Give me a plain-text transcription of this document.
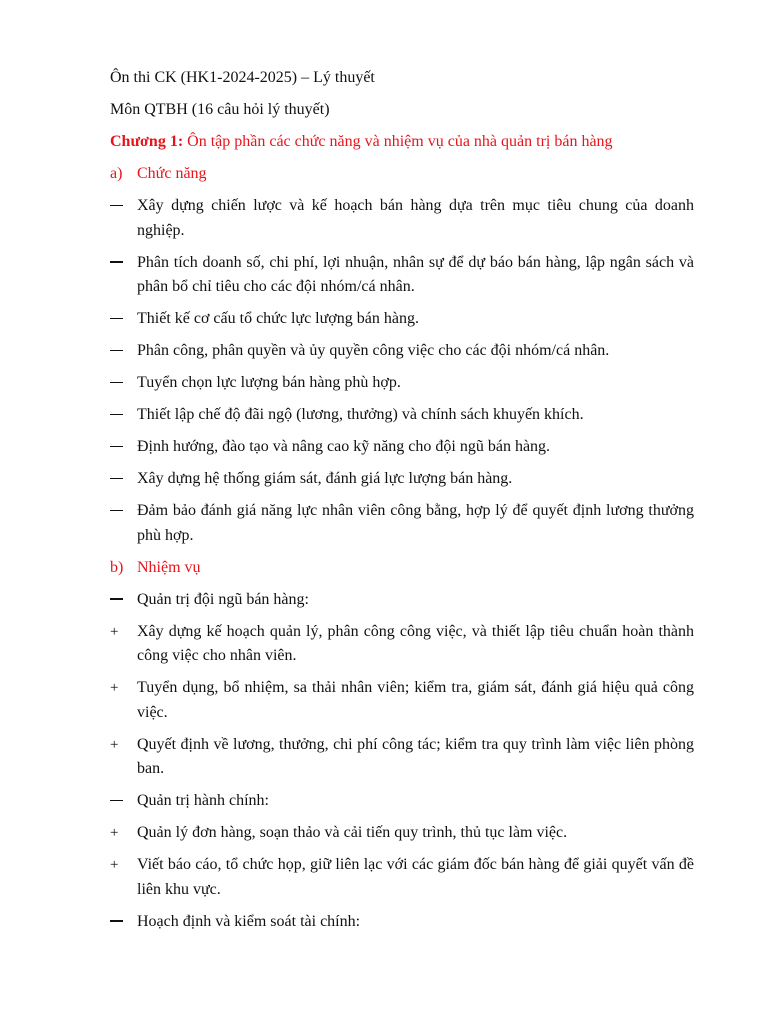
Ôn thi CK (HK1-2024-2025) – Lý thuyết
Môn QTBH (16 câu hỏi lý thuyết)
Chương 1: Ôn tập phần các chức năng và nhiệm vụ của nhà quản trị bán hàng
a) Chức năng
Xây dựng chiến lược và kế hoạch bán hàng dựa trên mục tiêu chung của doanh nghiệp.
Phân tích doanh số, chi phí, lợi nhuận, nhân sự để dự báo bán hàng, lập ngân sách và phân bổ chỉ tiêu cho các đội nhóm/cá nhân.
Thiết kế cơ cấu tổ chức lực lượng bán hàng.
Phân công, phân quyền và ủy quyền công việc cho các đội nhóm/cá nhân.
Tuyển chọn lực lượng bán hàng phù hợp.
Thiết lập chế độ đãi ngộ (lương, thưởng) và chính sách khuyến khích.
Định hướng, đào tạo và nâng cao kỹ năng cho đội ngũ bán hàng.
Xây dựng hệ thống giám sát, đánh giá lực lượng bán hàng.
Đảm bảo đánh giá năng lực nhân viên công bằng, hợp lý để quyết định lương thưởng phù hợp.
b) Nhiệm vụ
Quản trị đội ngũ bán hàng:
+	Xây dựng kế hoạch quản lý, phân công công việc, và thiết lập tiêu chuẩn hoàn thành công việc cho nhân viên.
+	Tuyển dụng, bổ nhiệm, sa thải nhân viên; kiểm tra, giám sát, đánh giá hiệu quả công việc.
+	Quyết định về lương, thưởng, chi phí công tác; kiểm tra quy trình làm việc liên phòng ban.
Quản trị hành chính:
+	Quản lý đơn hàng, soạn thảo và cải tiến quy trình, thủ tục làm việc.
+	Viết báo cáo, tổ chức họp, giữ liên lạc với các giám đốc bán hàng để giải quyết vấn đề liên khu vực.
Hoạch định và kiểm soát tài chính:
